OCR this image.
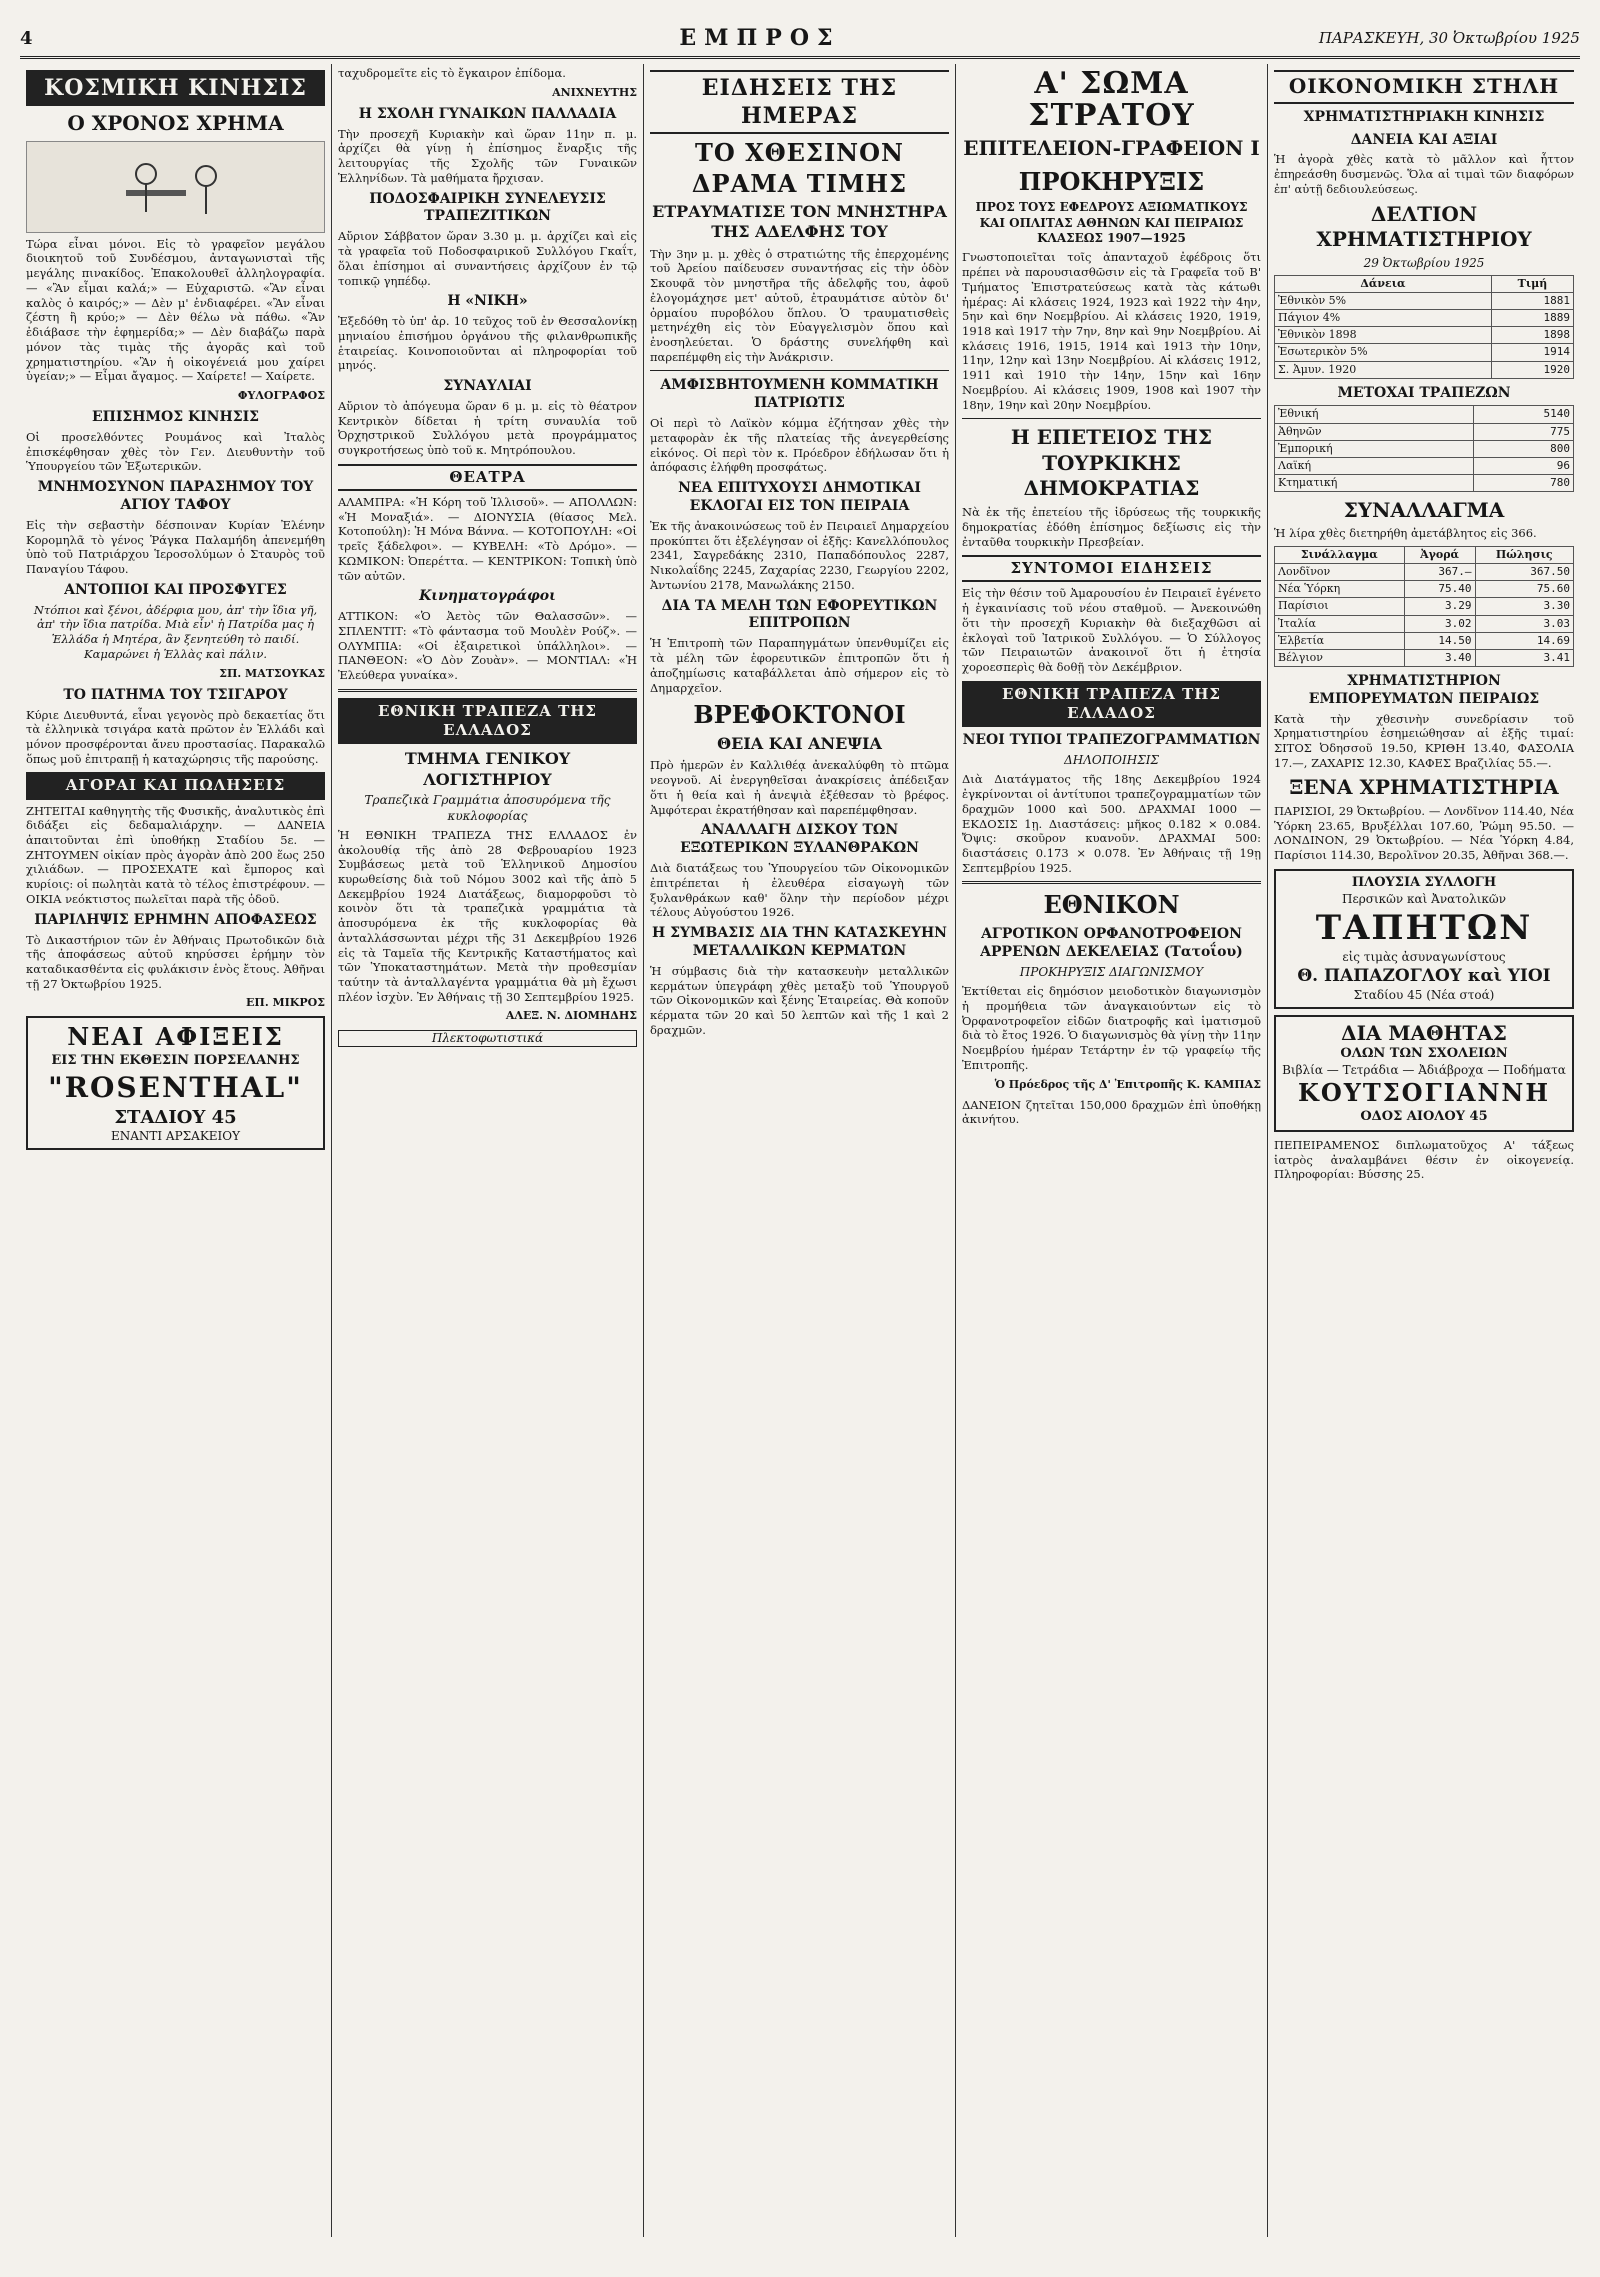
4	ΕΜΠΡΟΣ	ΠΑΡΑΣΚΕΥΗ, 30 Ὀκτωβρίου 1925
ΚΟΣΜΙΚΗ ΚΙΝΗΣΙΣ
Ο ΧΡΟΝΟΣ ΧΡΗΜΑ

Τώρα εἶναι μόνοι. Εἰς τὸ γραφεῖον μεγάλου διοικητοῦ τοῦ Συνδέσμου, ἀνταγωνισταὶ τῆς μεγάλης πινακίδος. Ἐπακολουθεῖ ἀλληλογραφία. — «Ἂν εἶμαι καλά;» — Εὐχαριστῶ. «Ἂν εἶναι καλὸς ὁ καιρός;» — Δὲν μ' ἐνδιαφέρει. «Ἂν εἶναι ζέστη ἢ κρύο;» — Δὲν θέλω νὰ πάθω. «Ἂν ἐδιάβασε τὴν ἐφημερίδα;» — Δὲν διαβάζω παρὰ μόνον τὰς τιμὰς τῆς ἀγορᾶς καὶ τοῦ χρηματιστηρίου. «Ἂν ἡ οἰκογένειά μου χαίρει ὑγείαν;» — Εἶμαι ἄγαμος. — Χαίρετε! — Χαίρετε.

ΦΥΛΟΓΡΑΦΟΣ
ΕΠΙΣΗΜΟΣ ΚΙΝΗΣΙΣ

Οἱ προσελθόντες Ρουμάνος καὶ Ἰταλὸς ἐπισκέφθησαν χθὲς τὸν Γεν. Διευθυντὴν τοῦ Ὑπουργείου τῶν Ἐξωτερικῶν.

ΜΝΗΜΟΣΥΝΟΝ ΠΑΡΑΣΗΜΟΥ ΤΟΥ ΑΓΙΟΥ ΤΑΦΟΥ

Εἰς τὴν σεβαστὴν δέσποιναν Κυρίαν Ἐλένην Κορομηλᾶ τὸ γένος Ῥάγκα Παλαμήδη ἀπενεμήθη ὑπὸ τοῦ Πατριάρχου Ἱεροσολύμων ὁ Σταυρὸς τοῦ Παναγίου Τάφου.

ΑΝΤΟΠΙΟΙ ΚΑΙ ΠΡΟΣΦΥΓΕΣ

Ντόπιοι καὶ ξένοι, ἀδέρφια μου, ἀπ' τὴν ἴδια γῆ, ἀπ' τὴν ἴδια πατρίδα. Μιὰ εἶν' ἡ Πατρίδα μας ἡ Ἑλλάδα ἡ Μητέρα, ἂν ξενητεύθη τὸ παιδί. Καμαρώνει ἡ Ἑλλὰς καὶ πάλιν.

ΣΠ. ΜΑΤΣΟΥΚΑΣ
ΤΟ ΠΑΤΗΜΑ ΤΟΥ ΤΣΙΓΑΡΟΥ

Κύριε Διευθυντά, εἶναι γεγονὸς πρὸ δεκαετίας ὅτι τὰ ἐλληνικὰ τσιγάρα κατὰ πρῶτον ἐν Ἑλλάδι καὶ μόνον προσφέρονται ἄνευ προστασίας. Παρακαλῶ ὅπως μοῦ ἐπιτραπῇ ἡ καταχώρησις τῆς παρούσης.

ΑΓΟΡΑΙ ΚΑΙ ΠΩΛΗΣΕΙΣ

ΖΗΤΕΙΤΑΙ καθηγητὴς τῆς Φυσικῆς, ἀναλυτικὸς ἐπὶ διδάξει εἰς δεδαμαλιάρχην. — ΔΑΝΕΙΑ ἀπαιτοῦνται ἐπὶ ὑποθήκῃ Σταδίου 5ε. — ΖΗΤΟΥΜΕΝ οἰκίαν πρὸς ἀγορὰν ἀπὸ 200 ἕως 250 χιλιάδων. — ΠΡΟΣΕΧΑΤΕ καὶ ἔμπορος καὶ κυρίοις: οἱ πωλητὰι κατὰ τὸ τέλος ἐπιστρέφουν. — ΟΙΚΙΑ νεόκτιστος πωλεῖται παρὰ τῆς ὁδοῦ.

ΠΑΡΙΛΗΨΙΣ ΕΡΗΜΗΝ ΑΠΟΦΑΣΕΩΣ

Τὸ Δικαστήριον τῶν ἐν Ἀθήναις Πρωτοδικῶν διὰ τῆς ἀποφάσεως αὐτοῦ κηρύσσει ἐρήμην τὸν καταδικασθέντα εἰς φυλάκισιν ἑνὸς ἔτους. Ἀθῆναι τῇ 27 Ὀκτωβρίου 1925.

ΕΠ. ΜΙΚΡΟΣ
ΝΕΑΙ ΑΦΙΞΕΙΣ
ΕΙΣ ΤΗΝ ΕΚΘΕΣΙΝ ΠΟΡΣΕΛΑΝΗΣ
"ROSENTHAL"
ΣΤΑΔΙΟΥ 45
ΕΝΑΝΤΙ ΑΡΣΑΚΕΙΟΥ

ταχυδρομεῖτε εἰς τὸ ἔγκαιρον ἐπίδομα.

ΑΝΙΧΝΕΥΤΗΣ
Η ΣΧΟΛΗ ΓΥΝΑΙΚΩΝ ΠΑΛΛΑΔΙΑ

Τὴν προσεχῆ Κυριακὴν καὶ ὥραν 11ην π. μ. ἀρχίζει θὰ γίνῃ ἡ ἐπίσημος ἔναρξις τῆς λειτουργίας τῆς Σχολῆς τῶν Γυναικῶν Ἑλληνίδων. Τὰ μαθήματα ἤρχισαν.

ΠΟΔΟΣΦΑΙΡΙΚΗ ΣΥΝΕΛΕΥΣΙΣ ΤΡΑΠΕΖΙΤΙΚΩΝ

Αὔριον Σάββατον ὥραν 3.30 μ. μ. ἀρχίζει καὶ εἰς τὰ γραφεῖα τοῦ Ποδοσφαιρικοῦ Συλλόγου Γκαΐτ, ὅλαι ἐπίσημοι αἱ συναντήσεις ἀρχίζουν ἐν τῷ τοπικῷ γηπέδῳ.

Η «ΝΙΚΗ»

Ἐξεδόθη τὸ ὑπ' ἀρ. 10 τεῦχος τοῦ ἐν Θεσσαλονίκῃ μηνιαίου ἐπισήμου ὀργάνου τῆς φιλανθρωπικῆς ἑταιρείας. Κοινοποιοῦνται αἱ πληροφορίαι τοῦ μηνός.

ΣΥΝΑΥΛΙΑΙ

Αὔριον τὸ ἀπόγευμα ὥραν 6 μ. μ. εἰς τὸ θέατρον Κεντρικὸν δίδεται ἡ τρίτη συναυλία τοῦ Ὀρχηστρικοῦ Συλλόγου μετὰ προγράμματος συγκροτήσεως ὑπὸ τοῦ κ. Μητρόπουλου.

ΘΕΑΤΡΑ

ΑΛΑΜΠΡΑ: «Ἡ Κόρη τοῦ Ἰλλισοῦ». — ΑΠΟΛΛΩΝ: «Ἡ Μοναξιά». — ΔΙΟΝΥΣΙΑ (θίασος Μελ. Κοτοπούλη): Ἡ Μόνα Βάννα. — ΚΟΤΟΠΟΥΛΗ: «Οἱ τρεῖς ξάδελφοι». — ΚΥΒΕΛΗ: «Τὸ Δρόμο». — ΚΩΜΙΚΟΝ: Ὀπερέττα. — ΚΕΝΤΡΙΚΟΝ: Τοπικὴ ὑπὸ τῶν αὐτῶν.

Κινηματογράφοι

ΑΤΤΙΚΟΝ: «Ὁ Ἀετὸς τῶν Θαλασσῶν». — ΣΠΛΕΝΤΙΤ: «Τὸ φάντασμα τοῦ Μουλὲν Ρούζ». — ΟΛΥΜΠΙΑ: «Οἱ ἐξαιρετικοὶ ὑπάλληλοι». — ΠΑΝΘΕΟΝ: «Ὁ Δὸν Ζουὰν». — ΜΟΝΤΙΑΛ: «Ἡ Ἐλεύθερα γυναίκα».

ΕΘΝΙΚΗ ΤΡΑΠΕΖΑ ΤΗΣ ΕΛΛΑΔΟΣ
ΤΜΗΜΑ ΓΕΝΙΚΟΥ ΛΟΓΙΣΤΗΡΙΟΥ
Τραπεζικὰ Γραμμάτια ἀποσυρόμενα τῆς κυκλοφορίας

Ἡ ΕΘΝΙΚΗ ΤΡΑΠΕΖΑ ΤΗΣ ΕΛΛΑΔΟΣ ἐν ἀκολουθίᾳ τῆς ἀπὸ 28 Φεβρουαρίου 1923 Συμβάσεως μετὰ τοῦ Ἑλληνικοῦ Δημοσίου κυρωθείσης διὰ τοῦ Νόμου 3002 καὶ τῆς ἀπὸ 5 Δεκεμβρίου 1924 Διατάξεως, διαμορφοῦσι τὸ κοινὸν ὅτι τὰ τραπεζικὰ γραμμάτια τὰ ἀποσυρόμενα ἐκ τῆς κυκλοφορίας θὰ ἀνταλλάσσωνται μέχρι τῆς 31 Δεκεμβρίου 1926 εἰς τὰ Ταμεῖα τῆς Κεντρικῆς Καταστήματος καὶ τῶν Ὑποκαταστημάτων. Μετὰ τὴν προθεσμίαν ταύτην τὰ ἀνταλλαγέντα γραμμάτια θὰ μὴ ἔχωσι πλέον ἰσχὺν. Ἐν Ἀθήναις τῇ 30 Σεπτεμβρίου 1925.

ΑΛΕΞ. Ν. ΔΙΟΜΗΔΗΣ
Πλεκτοφωτιστικά
ΕΙΔΗΣΕΙΣ ΤΗΣ ΗΜΕΡΑΣ
ΤΟ ΧΘΕΣΙΝΟΝ ΔΡΑΜΑ ΤΙΜΗΣ
ΕΤΡΑΥΜΑΤΙΣΕ ΤΟΝ ΜΝΗΣΤΗΡΑ ΤΗΣ ΑΔΕΛΦΗΣ ΤΟΥ

Τὴν 3ην μ. μ. χθὲς ὁ στρατιώτης τῆς ἐπερχομένης τοῦ Ἀρείου παίδευσεν συναντήσας εἰς τὴν ὁδὸν Σκουφᾶ τὸν μνηστῆρα τῆς ἀδελφῆς του, ἀφοῦ ἐλογομάχησε μετ' αὐτοῦ, ἐτραυμάτισε αὐτὸν δι' ὀρμαίου πυροβόλου ὅπλου. Ὁ τραυματισθεὶς μετηνέχθη εἰς τὸν Εὐαγγελισμὸν ὅπου καὶ ἐνοσηλεύεται. Ὁ δράστης συνελήφθη καὶ παρεπέμφθη εἰς τὴν Ἀνάκρισιν.

ΑΜΦΙΣΒΗΤΟΥΜΕΝΗ ΚΟΜΜΑΤΙΚΗ ΠΑΤΡΙΩΤΙΣ

Οἱ περὶ τὸ Λαϊκὸν κόμμα ἐζήτησαν χθὲς τὴν μεταφορὰν ἐκ τῆς πλατείας τῆς ἀνεγερθείσης εἰκόνος. Οἱ περὶ τὸν κ. Πρόεδρον ἐδήλωσαν ὅτι ἡ ἀπόφασις ἐλήφθη προσφάτως.

ΝΕΑ ΕΠΙΤΥΧΟΥΣΙ ΔΗΜΟΤΙΚΑΙ ΕΚΛΟΓΑΙ ΕΙΣ ΤΟΝ ΠΕΙΡΑΙΑ

Ἐκ τῆς ἀνακοινώσεως τοῦ ἐν Πειραιεῖ Δημαρχείου προκύπτει ὅτι ἐξελέγησαν οἱ ἑξῆς: Κανελλόπουλος 2341, Σαγρεδάκης 2310, Παπαδόπουλος 2287, Νικολαΐδης 2245, Ζαχαρίας 2230, Γεωργίου 2202, Ἀντωνίου 2178, Μανωλάκης 2150.

ΔΙΑ ΤΑ ΜΕΛΗ ΤΩΝ ΕΦΟΡΕΥΤΙΚΩΝ ΕΠΙΤΡΟΠΩΝ

Ἡ Ἐπιτροπὴ τῶν Παραπηγμάτων ὑπενθυμίζει εἰς τὰ μέλη τῶν ἐφορευτικῶν ἐπιτροπῶν ὅτι ἡ ἀποζημίωσις καταβάλλεται ἀπὸ σήμερον εἰς τὸ Δημαρχεῖον.

ΒΡΕΦΟΚΤΟΝΟΙ
ΘΕΙΑ ΚΑΙ ΑΝΕΨΙΑ

Πρὸ ἡμερῶν ἐν Καλλιθέᾳ ἀνεκαλύφθη τὸ πτῶμα νεογνοῦ. Αἱ ἐνεργηθεῖσαι ἀνακρίσεις ἀπέδειξαν ὅτι ἡ θεία καὶ ἡ ἀνεψιὰ ἐξέθεσαν τὸ βρέφος. Ἀμφότεραι ἐκρατήθησαν καὶ παρεπέμφθησαν.

ΑΝΑΛΛΑΓΗ ΔΙΣΚΟΥ ΤΩΝ ΕΞΩΤΕΡΙΚΩΝ ΞΥΛΑΝΘΡΑΚΩΝ

Διὰ διατάξεως του Ὑπουργείου τῶν Οἰκονομικῶν ἐπιτρέπεται ἡ ἐλευθέρα εἰσαγωγὴ τῶν ξυλανθράκων καθ' ὅλην τὴν περίοδον μέχρι τέλους Αὐγούστου 1926.

Η ΣΥΜΒΑΣΙΣ ΔΙΑ ΤΗΝ ΚΑΤΑΣΚΕΥΗΝ ΜΕΤΑΛΛΙΚΩΝ ΚΕΡΜΑΤΩΝ

Ἡ σύμβασις διὰ τὴν κατασκευὴν μεταλλικῶν κερμάτων ὑπεγράφη χθὲς μεταξὺ τοῦ Ὑπουργοῦ τῶν Οἰκονομικῶν καὶ ξένης Ἐταιρείας. Θὰ κοποῦν κέρματα τῶν 20 καὶ 50 λεπτῶν καὶ τῆς 1 καὶ 2 δραχμῶν.

Α' ΣΩΜΑ ΣΤΡΑΤΟΥ
ΕΠΙΤΕΛΕΙΟΝ-ΓΡΑΦΕΙΟΝ Ι
ΠΡΟΚΗΡΥΞΙΣ
ΠΡΟΣ ΤΟΥΣ ΕΦΕΔΡΟΥΣ ΑΞΙΩΜΑΤΙΚΟΥΣ ΚΑΙ ΟΠΛΙΤΑΣ ΑΘΗΝΩΝ ΚΑΙ ΠΕΙΡΑΙΩΣ ΚΛΑΣΕΩΣ 1907—1925

Γνωστοποιεῖται τοῖς ἀπανταχοῦ ἐφέδροις ὅτι πρέπει νὰ παρουσιασθῶσιν εἰς τὰ Γραφεῖα τοῦ Β' Τμήματος Ἐπιστρατεύσεως κατὰ τὰς κάτωθι ἡμέρας: Αἱ κλάσεις 1924, 1923 καὶ 1922 τὴν 4ην, 5ην καὶ 6ην Νοεμβρίου. Αἱ κλάσεις 1920, 1919, 1918 καὶ 1917 τὴν 7ην, 8ην καὶ 9ην Νοεμβρίου. Αἱ κλάσεις 1916, 1915, 1914 καὶ 1913 τὴν 10ην, 11ην, 12ην καὶ 13ην Νοεμβρίου. Αἱ κλάσεις 1912, 1911 καὶ 1910 τὴν 14ην, 15ην καὶ 16ην Νοεμβρίου. Αἱ κλάσεις 1909, 1908 καὶ 1907 τὴν 18ην, 19ην καὶ 20ην Νοεμβρίου.

Η ΕΠΕΤΕΙΟΣ ΤΗΣ ΤΟΥΡΚΙΚΗΣ ΔΗΜΟΚΡΑΤΙΑΣ

Νὰ ἐκ τῆς ἐπετείου τῆς ἰδρύσεως τῆς τουρκικῆς δημοκρατίας ἐδόθη ἐπίσημος δεξίωσις εἰς τὴν ἐνταῦθα τουρκικὴν Πρεσβείαν.

ΣΥΝΤΟΜΟΙ ΕΙΔΗΣΕΙΣ

Εἰς τὴν θέσιν τοῦ Ἀμαρουσίου ἐν Πειραιεῖ ἐγένετο ἡ ἐγκαινίασις τοῦ νέου σταθμοῦ. — Ἀνεκοινώθη ὅτι τὴν προσεχῆ Κυριακὴν θὰ διεξαχθῶσι αἱ ἐκλογαὶ τοῦ Ἰατρικοῦ Συλλόγου. — Ὁ Σύλλογος τῶν Πειραιωτῶν ἀνακοινοῖ ὅτι ἡ ἐτησία χοροεσπερὶς θὰ δοθῇ τὸν Δεκέμβριον.

ΕΘΝΙΚΗ ΤΡΑΠΕΖΑ ΤΗΣ ΕΛΛΑΔΟΣ
ΝΕΟΙ ΤΥΠΟΙ ΤΡΑΠΕΖΟΓΡΑΜΜΑΤΙΩΝ
ΔΗΛΟΠΟΙΗΣΙΣ

Διὰ Διατάγματος τῆς 18ης Δεκεμβρίου 1924 ἐγκρίνονται οἱ ἀντίτυποι τραπεζογραμματίων τῶν δραχμῶν 1000 καὶ 500. ΔΡΑΧΜΑΙ 1000 — ΕΚΔΟΣΙΣ 1ῃ. Διαστάσεις: μῆκος 0.182 × 0.084. Ὄψις: σκοῦρον κυανοῦν. ΔΡΑΧΜΑΙ 500: διαστάσεις 0.173 × 0.078. Ἐν Ἀθήναις τῇ 19ῃ Σεπτεμβρίου 1925.

ΕΘΝΙΚΟΝ
ΑΓΡΟΤΙΚΟΝ ΟΡΦΑΝΟΤΡΟΦΕΙΟΝ ΑΡΡΕΝΩΝ ΔΕΚΕΛΕΙΑΣ (Τατοΐου)
ΠΡΟΚΗΡΥΞΙΣ ΔΙΑΓΩΝΙΣΜΟΥ

Ἐκτίθεται εἰς δημόσιον μειοδοτικὸν διαγωνισμὸν ἡ προμήθεια τῶν ἀναγκαιούντων εἰς τὸ Ὀρφανοτροφεῖον εἰδῶν διατροφῆς καὶ ἱματισμοῦ διὰ τὸ ἔτος 1926. Ὁ διαγωνισμὸς θὰ γίνῃ τὴν 11ην Νοεμβρίου ἡμέραν Τετάρτην ἐν τῷ γραφείῳ τῆς Ἐπιτροπῆς.

Ὁ Πρόεδρος τῆς Δ' Ἐπιτροπῆς Κ. ΚΑΜΠΑΣ

ΔΑΝΕΙΟΝ ζητεῖται 150,000 δραχμῶν ἐπὶ ὑποθήκῃ ἀκινήτου.

ΟΙΚΟΝΟΜΙΚΗ ΣΤΗΛΗ
ΧΡΗΜΑΤΙΣΤΗΡΙΑΚΗ ΚΙΝΗΣΙΣ
ΔΑΝΕΙΑ ΚΑΙ ΑΞΙΑΙ

Ἡ ἀγορὰ χθὲς κατὰ τὸ μᾶλλον καὶ ἧττον ἐπηρεάσθη δυσμενῶς. Ὅλα αἱ τιμαὶ τῶν διαφόρων ἐπ' αὐτῇ δεδιουλεύσεως.

ΔΕΛΤΙΟΝ ΧΡΗΜΑΤΙΣΤΗΡΙΟΥ
29 Ὀκτωβρίου 1925
Δάνεια	Τιμή
Ἐθνικὸν 5%	1881
Πάγιον 4%	1889
Ἐθνικὸν 1898	1898
Ἐσωτερικὸν 5%	1914
Σ. Ἀμυν. 1920	1920
ΜΕΤΟΧΑΙ ΤΡΑΠΕΖΩΝ
Ἐθνική	5140
Ἀθηνῶν	775
Ἐμπορική	800
Λαϊκή	96
Κτηματική	780
ΣΥΝΑΛΛΑΓΜΑ

Ἡ λίρα χθὲς διετηρήθη ἀμετάβλητος εἰς 366.

Σινάλλαγμα	Ἀγορά	Πώλησις
Λονδῖνον	367.—	367.50
Νέα Ὑόρκη	75.40	75.60
Παρίσιοι	3.29	3.30
Ἰταλία	3.02	3.03
Ἑλβετία	14.50	14.69
Βέλγιον	3.40	3.41
ΧΡΗΜΑΤΙΣΤΗΡΙΟΝ ΕΜΠΟΡΕΥΜΑΤΩΝ ΠΕΙΡΑΙΩΣ

Κατὰ τὴν χθεσινὴν συνεδρίασιν τοῦ Χρηματιστηρίου ἐσημειώθησαν αἱ ἑξῆς τιμαί: ΣΙΤΟΣ Ὀδησσοῦ 19.50, ΚΡΙΘΗ 13.40, ΦΑΣΟΛΙΑ 17.—, ΖΑΧΑΡΙΣ 12.30, ΚΑΦΕΣ Βραζιλίας 55.—.

ΞΕΝΑ ΧΡΗΜΑΤΙΣΤΗΡΙΑ

ΠΑΡΙΣΙΟΙ, 29 Ὀκτωβρίου. — Λονδῖνον 114.40, Νέα Ὑόρκη 23.65, Βρυξέλλαι 107.60, Ῥώμη 95.50. — ΛΟΝΔΙΝΟΝ, 29 Ὀκτωβρίου. — Νέα Ὑόρκη 4.84, Παρίσιοι 114.30, Βερολῖνον 20.35, Ἀθῆναι 368.—.

ΠΛΟΥΣΙΑ ΣΥΛΛΟΓΗ
Περσικῶν καὶ Ἀνατολικῶν
ΤΑΠΗΤΩΝ
εἰς τιμὰς ἀσυναγωνίστους
Θ. ΠΑΠΑΖΟΓΛΟΥ καὶ ΥΙΟΙ
Σταδίου 45 (Νέα στοά)
ΔΙΑ ΜΑΘΗΤΑΣ
ΟΛΩΝ ΤΩΝ ΣΧΟΛΕΙΩΝ
Βιβλία — Τετράδια — Ἀδιάβροχα — Ποδήματα
ΚΟΥΤΣΟΓΙΑΝΝΗ
ΟΔΟΣ ΑΙΟΛΟΥ 45

ΠΕΠΕΙΡΑΜΕΝΟΣ διπλωματοῦχος Α' τάξεως ἰατρὸς ἀναλαμβάνει θέσιν ἐν οἰκογενείᾳ. Πληροφορίαι: Βύσσης 25.
